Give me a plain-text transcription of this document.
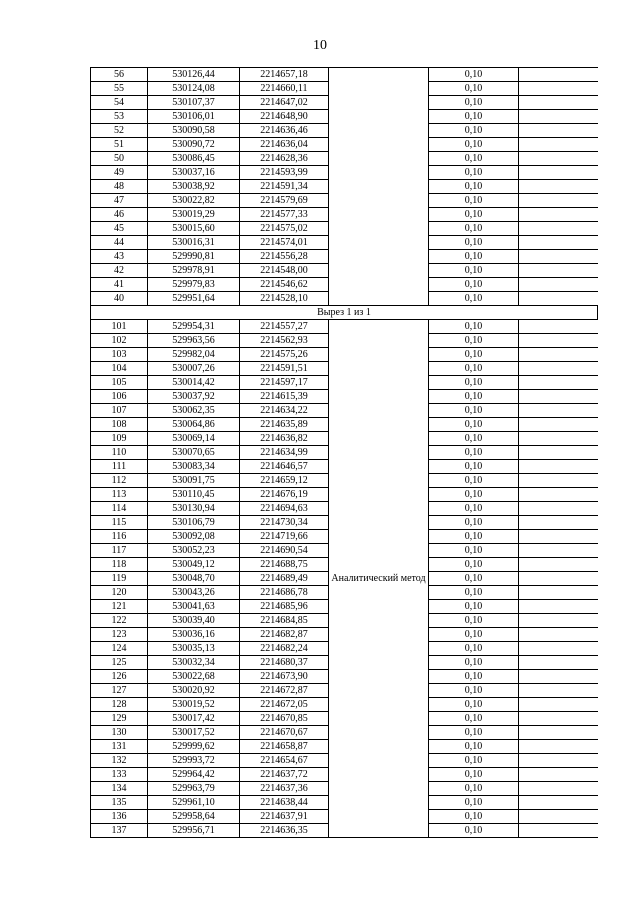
10
56	530126,44	2214657,18		0,10	
55	530124,08	2214660,11		0,10	
54	530107,37	2214647,02		0,10	
53	530106,01	2214648,90		0,10	
52	530090,58	2214636,46		0,10	
51	530090,72	2214636,04		0,10	
50	530086,45	2214628,36		0,10	
49	530037,16	2214593,99		0,10	
48	530038,92	2214591,34		0,10	
47	530022,82	2214579,69		0,10	
46	530019,29	2214577,33		0,10	
45	530015,60	2214575,02		0,10	
44	530016,31	2214574,01		0,10	
43	529990,81	2214556,28		0,10	
42	529978,91	2214548,00		0,10	
41	529979,83	2214546,62		0,10	
40	529951,64	2214528,10		0,10	
Вырез 1 из 1					
101	529954,31	2214557,27	Аналитический метод	0,10	
102	529963,56	2214562,93		0,10	
103	529982,04	2214575,26		0,10	
104	530007,26	2214591,51		0,10	
105	530014,42	2214597,17		0,10	
106	530037,92	2214615,39		0,10	
107	530062,35	2214634,22		0,10	
108	530064,86	2214635,89		0,10	
109	530069,14	2214636,82		0,10	
110	530070,65	2214634,99		0,10	
111	530083,34	2214646,57		0,10	
112	530091,75	2214659,12		0,10	
113	530110,45	2214676,19		0,10	
114	530130,94	2214694,63		0,10	
115	530106,79	2214730,34		0,10	
116	530092,08	2214719,66		0,10	
117	530052,23	2214690,54		0,10	
118	530049,12	2214688,75		0,10	
119	530048,70	2214689,49		0,10	
120	530043,26	2214686,78		0,10	
121	530041,63	2214685,96		0,10	
122	530039,40	2214684,85		0,10	
123	530036,16	2214682,87		0,10	
124	530035,13	2214682,24		0,10	
125	530032,34	2214680,37		0,10	
126	530022,68	2214673,90		0,10	
127	530020,92	2214672,87		0,10	
128	530019,52	2214672,05		0,10	
129	530017,42	2214670,85		0,10	
130	530017,52	2214670,67		0,10	
131	529999,62	2214658,87		0,10	
132	529993,72	2214654,67		0,10	
133	529964,42	2214637,72		0,10	
134	529963,79	2214637,36		0,10	
135	529961,10	2214638,44		0,10	
136	529958,64	2214637,91		0,10	
137	529956,71	2214636,35		0,10	
